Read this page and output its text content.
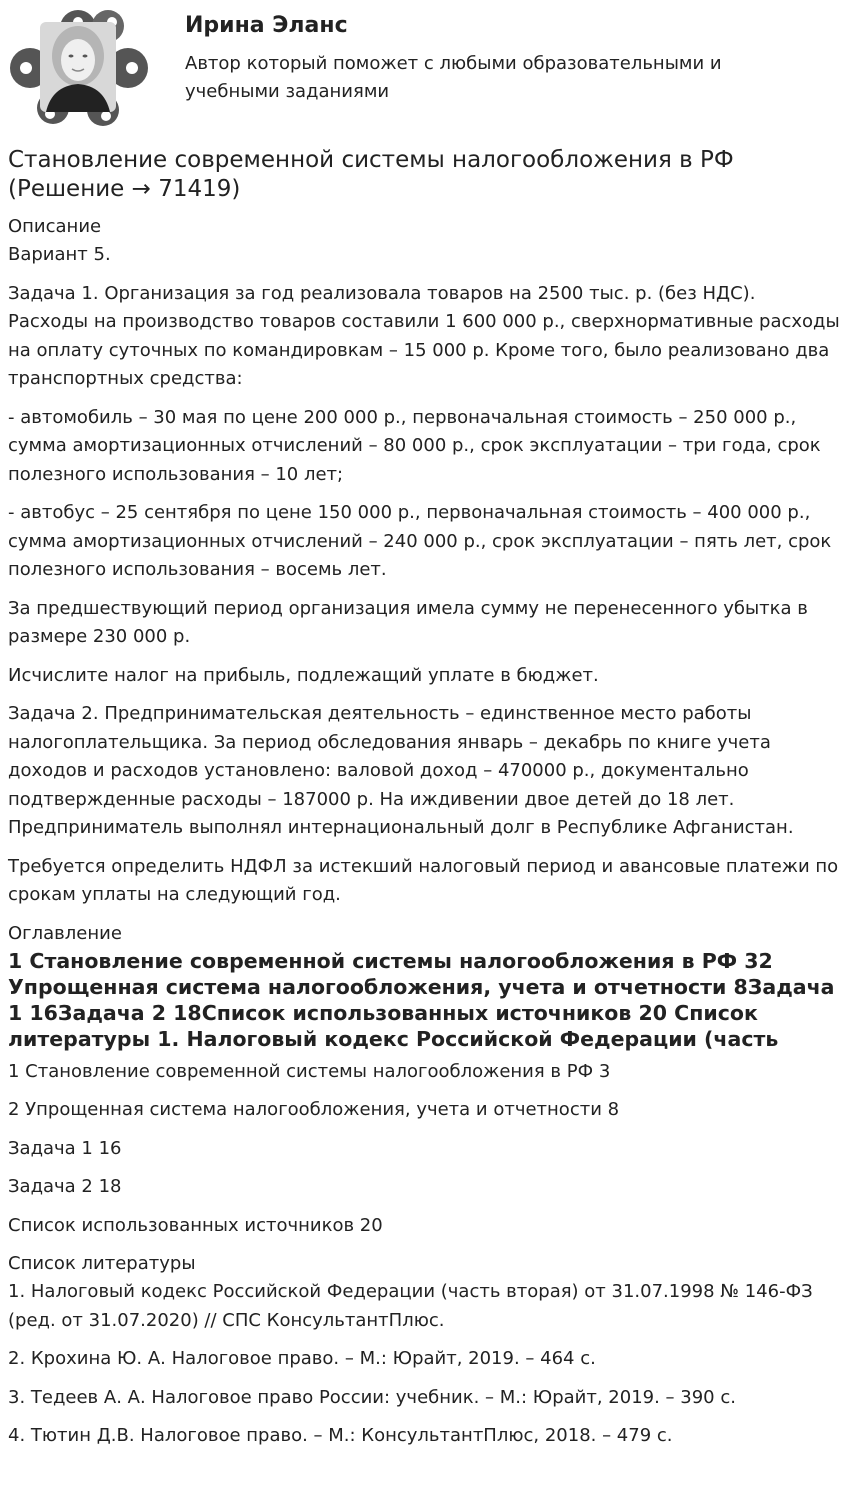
Ирина Эланс
Автор который поможет с любыми образовательными и учебными заданиями
Становление современной системы налогообложения в РФ (Решение → 71419)
Описание
Вариант 5.
Задача 1. Организация за год реализовала товаров на 2500 тыс. р. (без НДС). Расходы на производство товаров составили 1 600 000 р., сверхнормативные расходы на оплату суточных по командировкам – 15 000 р. Кроме того, было реализовано два транспортных средства:
- автомобиль – 30 мая по цене 200 000 р., первоначальная стоимость – 250 000 р., сумма амортизационных отчислений – 80 000 р., срок эксплуатации – три года, срок полезного использования – 10 лет;
- автобус – 25 сентября по цене 150 000 р., первоначальная стоимость – 400 000 р., сумма амортизационных отчислений – 240 000 р., срок эксплуатации – пять лет, срок полезного использования – восемь лет.
За предшествующий период организация имела сумму не перенесенного убытка в размере 230 000 р.
Исчислите налог на прибыль, подлежащий уплате в бюджет.
Задача 2. Предпринимательская деятельность – единственное место работы налогоплательщика. За период обследования январь – декабрь по книге учета доходов и расходов установлено: валовой доход – 470000 р., документально подтвержденные расходы – 187000 р. На иждивении двое детей до 18 лет. Предприниматель выполнял интернациональный долг в Республике Афганистан.
Требуется определить НДФЛ за истекший налоговый период и авансовые платежи по срокам уплаты на следующий год.
Оглавление
1 Становление современной системы налогообложения в РФ 32 Упрощенная система налогообложения, учета и отчетности 8Задача 1 16Задача 2 18Список использованных источников 20 Список литературы 1. Налоговый кодекс Российской Федерации (часть
1 Становление современной системы налогообложения в РФ 3
2 Упрощенная система налогообложения, учета и отчетности 8
Задача 1 16
Задача 2 18
Список использованных источников 20
Список литературы
1. Налоговый кодекс Российской Федерации (часть вторая) от 31.07.1998 № 146-ФЗ (ред. от 31.07.2020) // СПС КонсультантПлюс.
2. Крохина Ю. А. Налоговое право. – М.: Юрайт, 2019. – 464 с.
3. Тедеев А. А. Налоговое право России: учебник. – М.: Юрайт, 2019. – 390 с.
4. Тютин Д.В. Налоговое право. – М.: КонсультантПлюс, 2018. – 479 с.
